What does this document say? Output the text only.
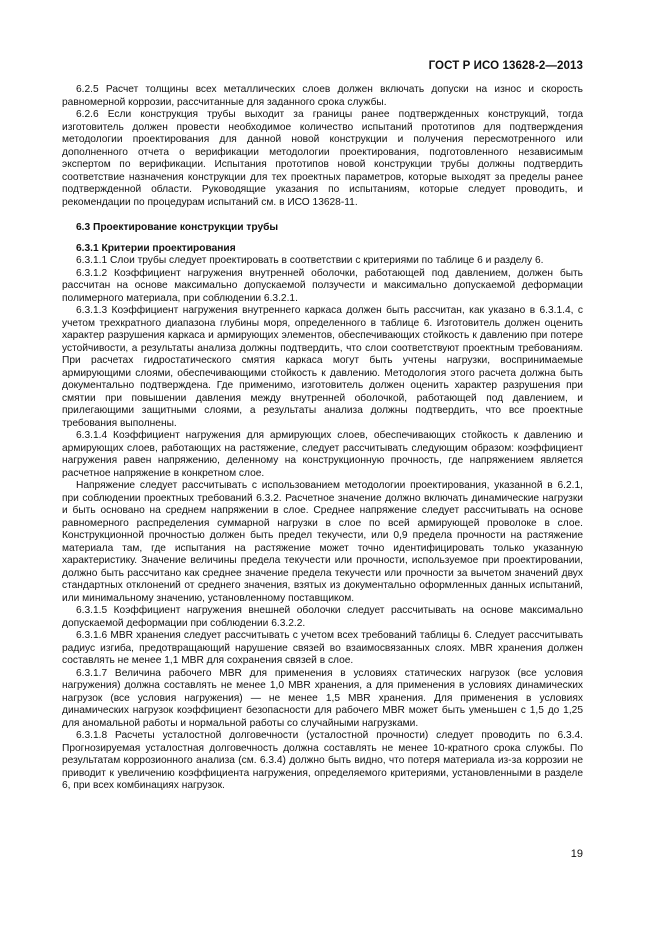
ГОСТ Р ИСО 13628-2—2013

6.2.5 Расчет толщины всех металлических слоев должен включать допуски на износ и скорость равномерной коррозии, рассчитанные для заданного срока службы.

6.2.6 Если конструкция трубы выходит за границы ранее подтвержденных конструкций, тогда изготовитель должен провести необходимое количество испытаний прототипов для подтверждения методологии проектирования для данной новой конструкции и получения пересмотренного или дополненного отчета о верификации методологии проектирования, подготовленного независимым экспертом по верификации. Испытания прототипов новой конструкции трубы должны подтвердить соответствие назначения конструкции для тех проектных параметров, которые выходят за пределы ранее подтвержденной области. Руководящие указания по испытаниям, которые следует проводить, и рекомендации по процедурам испытаний см. в ИСО 13628-11.

6.3 Проектирование конструкции трубы
6.3.1 Критерии проектирования

6.3.1.1 Слои трубы следует проектировать в соответствии с критериями по таблице 6 и разделу 6.

6.3.1.2 Коэффициент нагружения внутренней оболочки, работающей под давлением, должен быть рассчитан на основе максимально допускаемой ползучести и максимально допускаемой деформации полимерного материала, при соблюдении 6.3.2.1.

6.3.1.3 Коэффициент нагружения внутреннего каркаса должен быть рассчитан, как указано в 6.3.1.4, с учетом трехкратного диапазона глубины моря, определенного в таблице 6. Изготовитель должен оценить характер разрушения каркаса и армирующих элементов, обеспечивающих стойкость к давлению при потере устойчивости, а результаты анализа должны подтвердить, что слои соответствуют проектным требованиям. При расчетах гидростатического смятия каркаса могут быть учтены нагрузки, воспринимаемые армирующими слоями, обеспечивающими стойкость к давлению. Методология этого расчета должна быть документально подтверждена. Где применимо, изготовитель должен оценить характер разрушения при смятии при повышении давления между внутренней оболочкой, работающей под давлением, и прилегающими защитными слоями, а результаты анализа должны подтвердить, что все проектные требования выполнены.

6.3.1.4 Коэффициент нагружения для армирующих слоев, обеспечивающих стойкость к давлению и армирующих слоев, работающих на растяжение, следует рассчитывать следующим образом: коэффициент нагружения равен напряжению, деленному на конструкционную прочность, где напряжением является расчетное напряжение в конкретном слое.

Напряжение следует рассчитывать с использованием методологии проектирования, указанной в 6.2.1, при соблюдении проектных требований 6.3.2. Расчетное значение должно включать динамические нагрузки и быть основано на среднем напряжении в слое. Среднее напряжение следует рассчитывать на основе равномерного распределения суммарной нагрузки в слое по всей армирующей проволоке в слое. Конструкционной прочностью должен быть предел текучести, или 0,9 предела прочности на растяжение материала там, где испытания на растяжение может точно идентифицировать только указанную характеристику. Значение величины предела текучести или прочности, используемое при проектировании, должно быть рассчитано как среднее значение предела текучести или прочности за вычетом значений двух стандартных отклонений от среднего значения, взятых из документально оформленных данных испытаний, или минимальному значению, установленному поставщиком.

6.3.1.5 Коэффициент нагружения внешней оболочки следует рассчитывать на основе максимально допускаемой деформации при соблюдении 6.3.2.2.

6.3.1.6 MBR хранения следует рассчитывать с учетом всех требований таблицы 6. Следует рассчитывать радиус изгиба, предотвращающий нарушение связей во взаимосвязанных слоях. MBR хранения должен составлять не менее 1,1 MBR для сохранения связей в слое.

6.3.1.7 Величина рабочего MBR для применения в условиях статических нагрузок (все условия нагружения) должна составлять не менее 1,0 MBR хранения, а для применения в условиях динамических нагрузок (все условия нагружения) — не менее 1,5 MBR хранения. Для применения в условиях динамических нагрузок коэффициент безопасности для рабочего MBR может быть уменьшен с 1,5 до 1,25 для аномальной работы и нормальной работы со случайными нагрузками.

6.3.1.8 Расчеты усталостной долговечности (усталостной прочности) следует проводить по 6.3.4. Прогнозируемая усталостная долговечность должна составлять не менее 10-кратного срока службы. По результатам коррозионного анализа (см. 6.3.4) должно быть видно, что потеря материала из-за коррозии не приводит к увеличению коэффициента нагружения, определяемого критериями, установленными в разделе 6, при всех комбинациях нагрузок.

19
